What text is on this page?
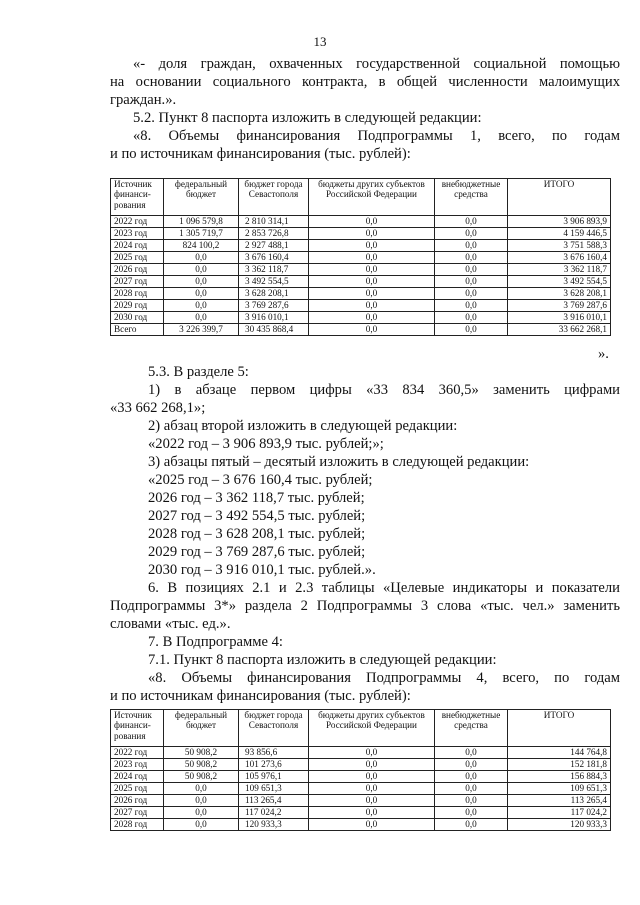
13

«- доля граждан, охваченных государственной социальной помощью

на основании социального контракта, в общей численности малоимущих

граждан.».

5.2. Пункт 8 паспорта изложить в следующей редакции:

«8. Объемы финансирования Подпрограммы 1, всего, по годам

и по источникам финансирования (тыс. рублей):

Источник финанси-рования	федеральный бюджет	бюджет города Севастополя	бюджеты других субъектов Российской Федерации	внебюджетные средства	ИТОГО
2022 год	1 096 579,8	2 810 314,1	0,0	0,0	3 906 893,9
2023 год	1 305 719,7	2 853 726,8	0,0	0,0	4 159 446,5
2024 год	824 100,2	2 927 488,1	0,0	0,0	3 751 588,3
2025 год	0,0	3 676 160,4	0,0	0,0	3 676 160,4
2026 год	0,0	3 362 118,7	0,0	0,0	3 362 118,7
2027 год	0,0	3 492 554,5	0,0	0,0	3 492 554,5
2028 год	0,0	3 628 208,1	0,0	0,0	3 628 208,1
2029 год	0,0	3 769 287,6	0,0	0,0	3 769 287,6
2030 год	0,0	3 916 010,1	0,0	0,0	3 916 010,1
Всего	3 226 399,7	30 435 868,4	0,0	0,0	33 662 268,1

».

5.3. В разделе 5:

1) в абзаце первом цифры «33 834 360,5» заменить цифрами

«33 662 268,1»;

2) абзац второй изложить в следующей редакции:

«2022 год – 3 906 893,9 тыс. рублей;»;

3) абзацы пятый – десятый изложить в следующей редакции:

«2025 год – 3 676 160,4 тыс. рублей;

2026 год – 3 362 118,7 тыс. рублей;

2027 год – 3 492 554,5 тыс. рублей;

2028 год – 3 628 208,1 тыс. рублей;

2029 год – 3 769 287,6 тыс. рублей;

2030 год – 3 916 010,1 тыс. рублей.».

6. В позициях 2.1 и 2.3 таблицы «Целевые индикаторы и показатели

Подпрограммы 3*» раздела 2 Подпрограммы 3 слова «тыс. чел.» заменить

словами «тыс. ед.».

7. В Подпрограмме 4:

7.1. Пункт 8 паспорта изложить в следующей редакции:

«8. Объемы финансирования Подпрограммы 4, всего, по годам

и по источникам финансирования (тыс. рублей):

Источник финанси-рования	федеральный бюджет	бюджет города Севастополя	бюджеты других субъектов Российской Федерации	внебюджетные средства	ИТОГО
2022 год	50 908,2	93 856,6	0,0	0,0	144 764,8
2023 год	50 908,2	101 273,6	0,0	0,0	152 181,8
2024 год	50 908,2	105 976,1	0,0	0,0	156 884,3
2025 год	0,0	109 651,3	0,0	0,0	109 651,3
2026 год	0,0	113 265,4	0,0	0,0	113 265,4
2027 год	0,0	117 024,2	0,0	0,0	117 024,2
2028 год	0,0	120 933,3	0,0	0,0	120 933,3
